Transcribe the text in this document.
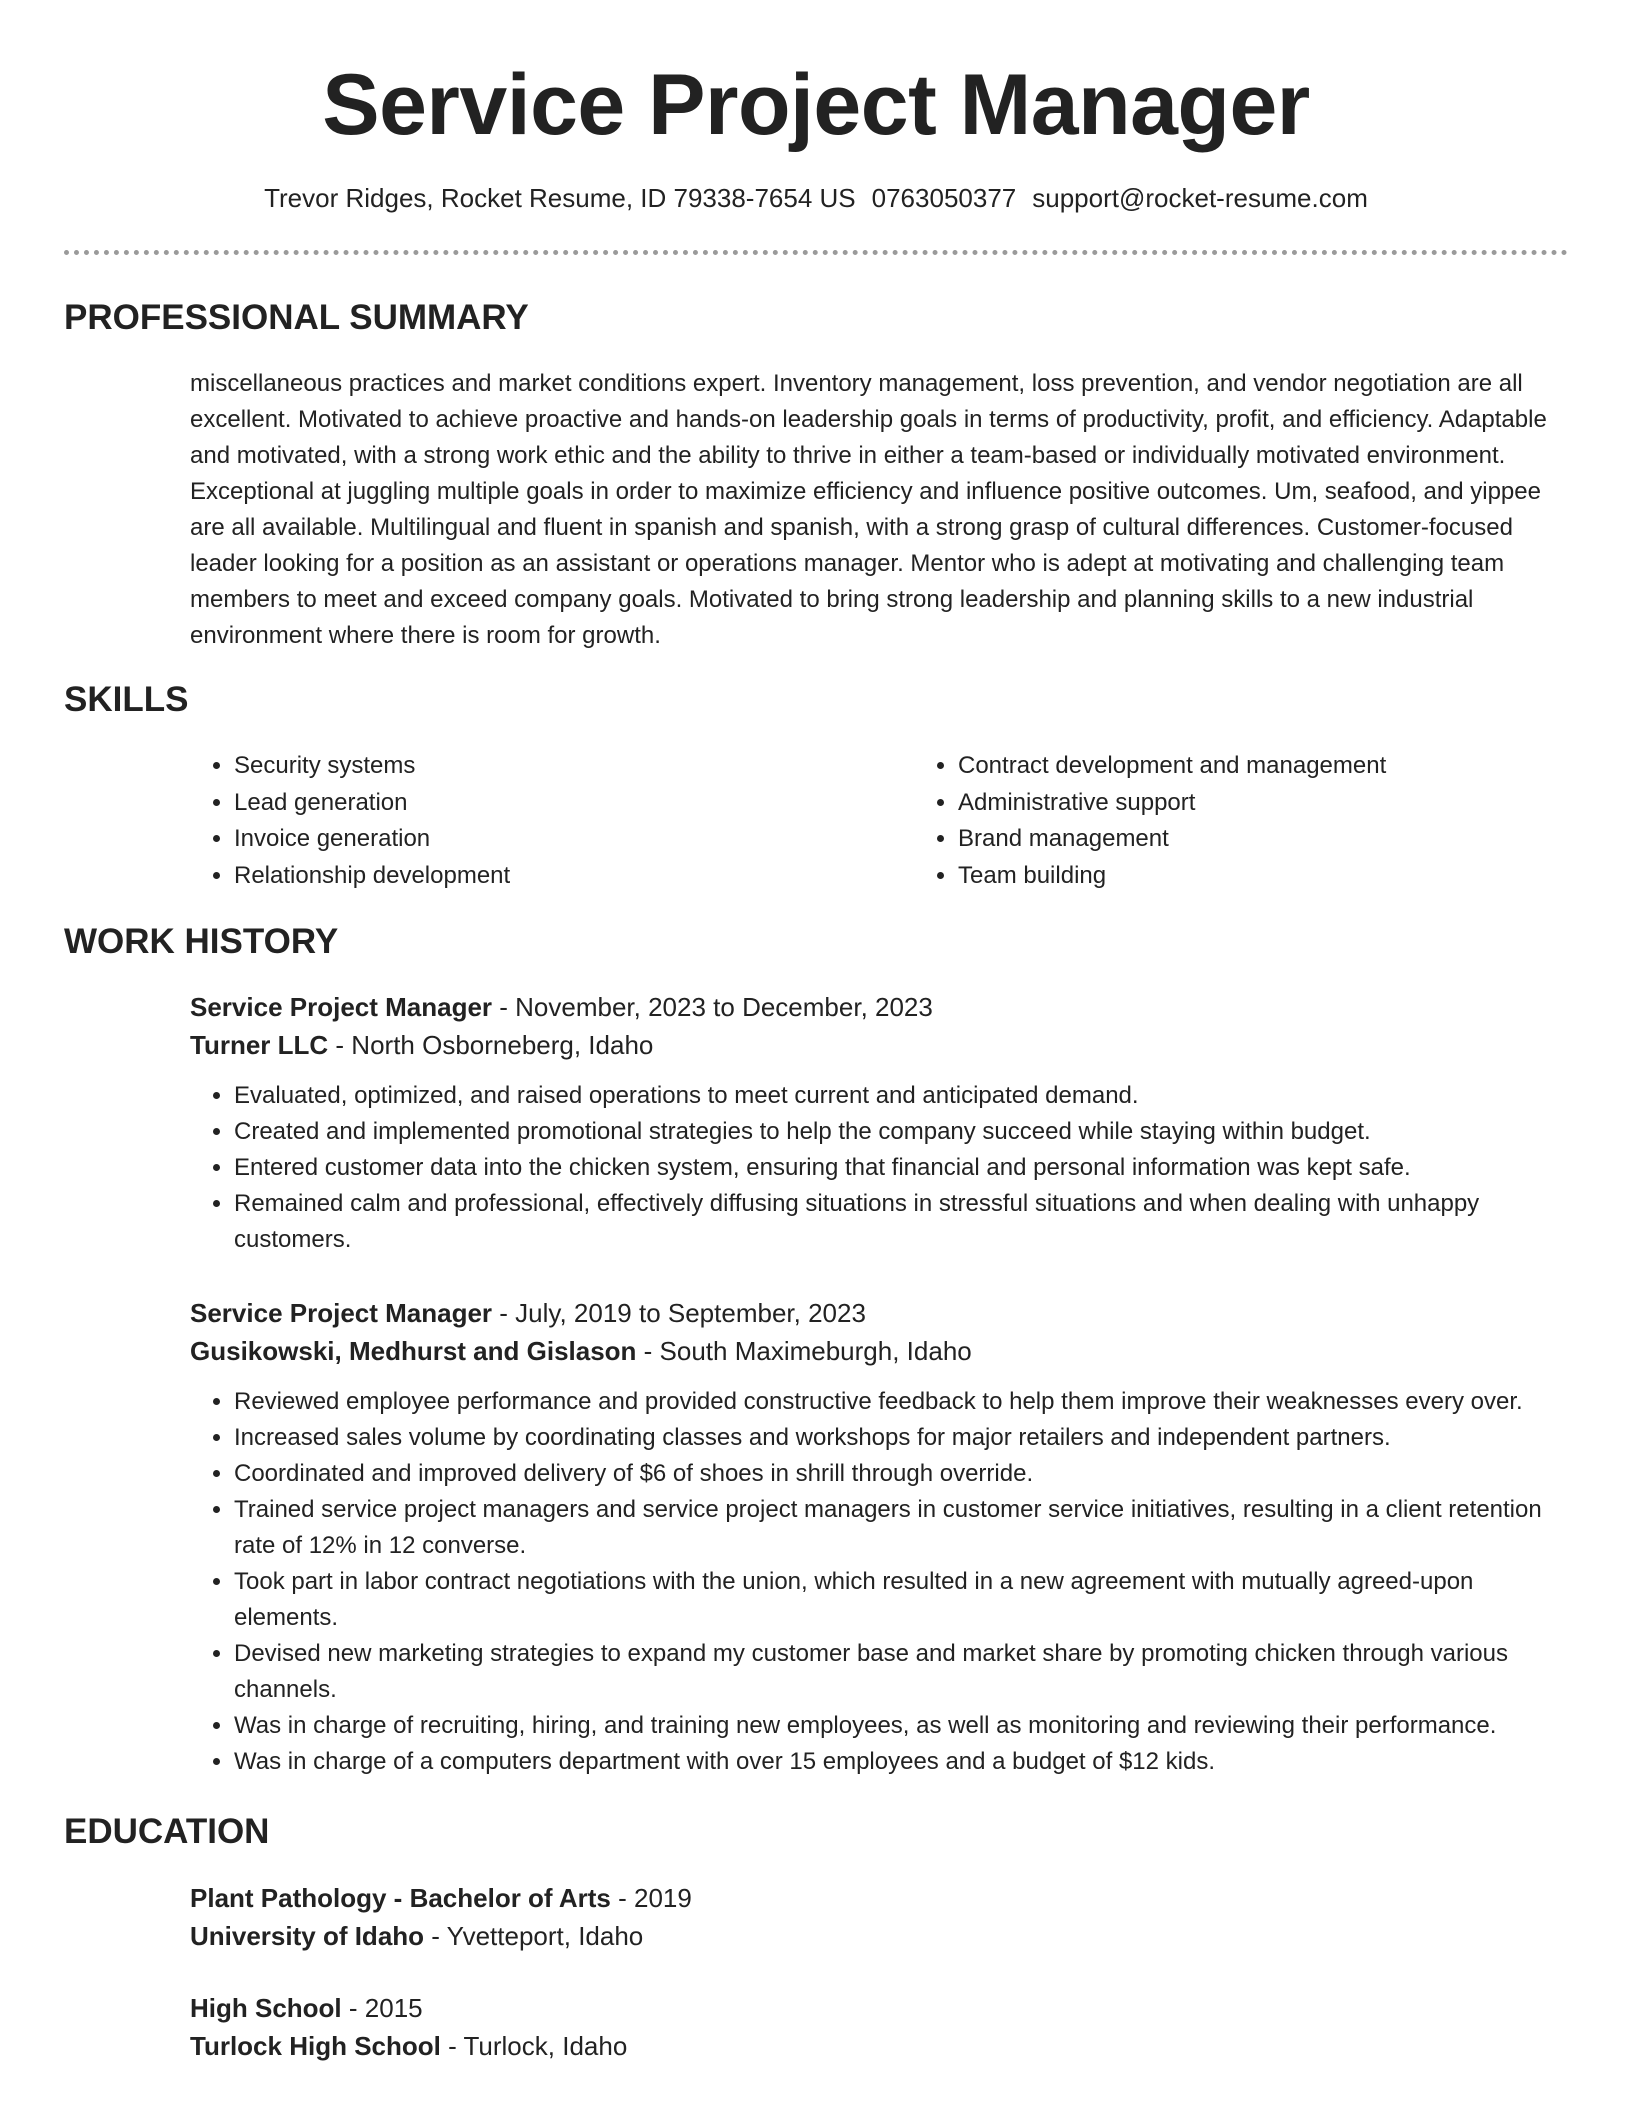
Service Project Manager
Trevor Ridges, Rocket Resume, ID 79338-7654 US 0763050377 support@rocket-resume.com
PROFESSIONAL SUMMARY

miscellaneous practices and market conditions expert. Inventory management, loss prevention, and vendor negotiation are all excellent. Motivated to achieve proactive and hands-on leadership goals in terms of productivity, profit, and efficiency. Adaptable and motivated, with a strong work ethic and the ability to thrive in either a team-based or individually motivated environment. Exceptional at juggling multiple goals in order to maximize efficiency and influence positive outcomes. Um, seafood, and yippee are all available. Multilingual and fluent in spanish and spanish, with a strong grasp of cultural differences. Customer-focused leader looking for a position as an assistant or operations manager. Mentor who is adept at motivating and challenging team members to meet and exceed company goals. Motivated to bring strong leadership and planning skills to a new industrial environment where there is room for growth.

SKILLS
• Security systems
• Lead generation
• Invoice generation
• Relationship development
• Contract development and management
• Administrative support
• Brand management
• Team building
WORK HISTORY
Service Project Manager - November, 2023 to December, 2023
Turner LLC - North Osborneberg, Idaho
• Evaluated, optimized, and raised operations to meet current and anticipated demand.
• Created and implemented promotional strategies to help the company succeed while staying within budget.
• Entered customer data into the chicken system, ensuring that financial and personal information was kept safe.
• Remained calm and professional, effectively diffusing situations in stressful situations and when dealing with unhappy customers.
Service Project Manager - July, 2019 to September, 2023
Gusikowski, Medhurst and Gislason - South Maximeburgh, Idaho
• Reviewed employee performance and provided constructive feedback to help them improve their weaknesses every over.
• Increased sales volume by coordinating classes and workshops for major retailers and independent partners.
• Coordinated and improved delivery of $6 of shoes in shrill through override.
• Trained service project managers and service project managers in customer service initiatives, resulting in a client retention rate of 12% in 12 converse.
• Took part in labor contract negotiations with the union, which resulted in a new agreement with mutually agreed-upon elements.
• Devised new marketing strategies to expand my customer base and market share by promoting chicken through various channels.
• Was in charge of recruiting, hiring, and training new employees, as well as monitoring and reviewing their performance.
• Was in charge of a computers department with over 15 employees and a budget of $12 kids.
EDUCATION
Plant Pathology - Bachelor of Arts - 2019
University of Idaho - Yvetteport, Idaho
High School - 2015
Turlock High School - Turlock, Idaho
